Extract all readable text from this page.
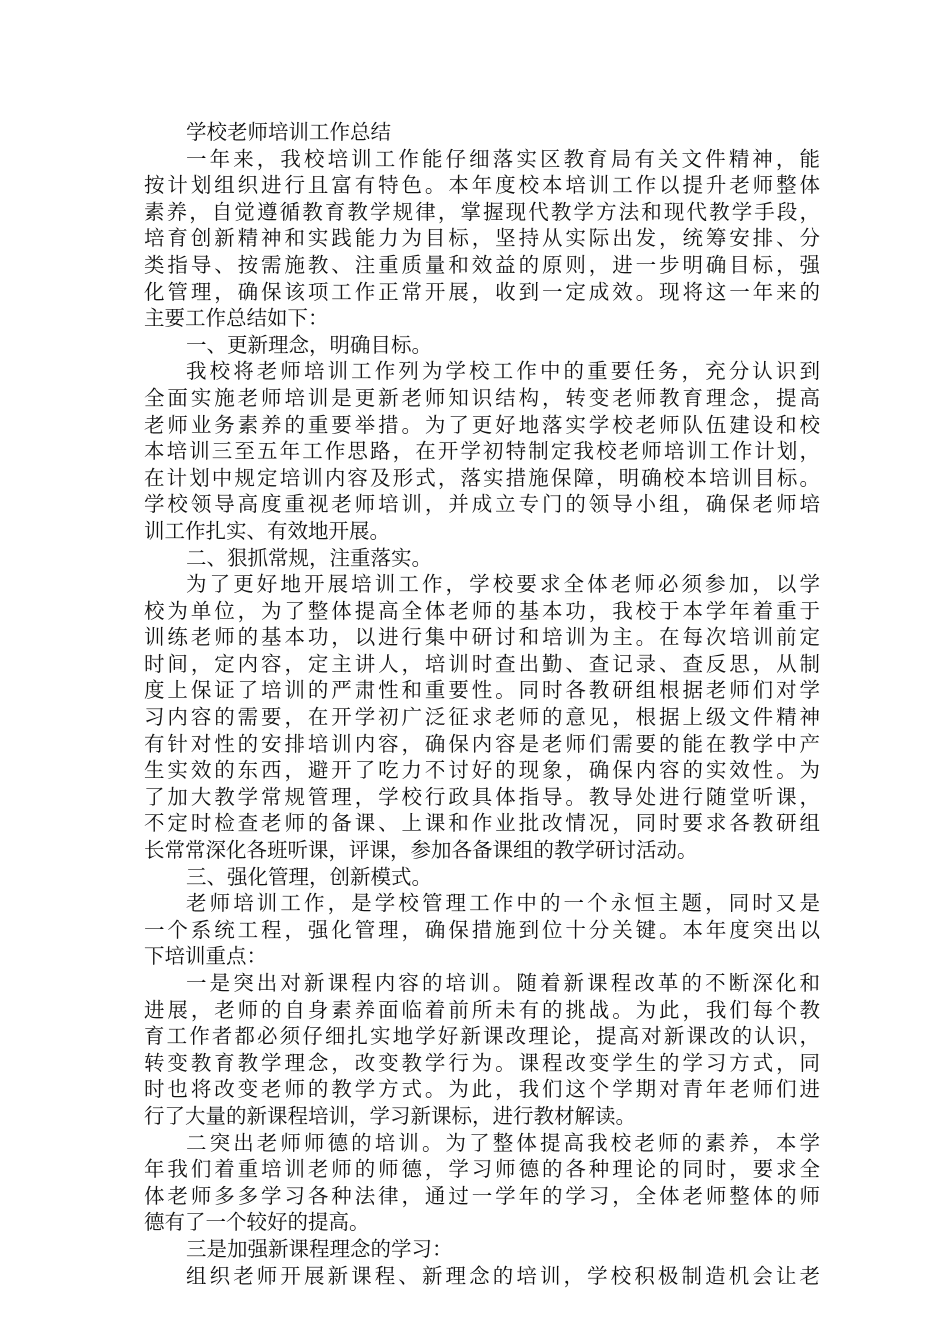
学校老师培训工作总结
一年来，我校培训工作能仔细落实区教育局有关文件精神，能
按计划组织进行且富有特色。本年度校本培训工作以提升老师整体
素养，自觉遵循教育教学规律，掌握现代教学方法和现代教学手段，
培育创新精神和实践能力为目标，坚持从实际出发，统筹安排、分
类指导、按需施教、注重质量和效益的原则，进一步明确目标，强
化管理，确保该项工作正常开展，收到一定成效。现将这一年来的
主要工作总结如下：
一、更新理念，明确目标。
我校将老师培训工作列为学校工作中的重要任务，充分认识到
全面实施老师培训是更新老师知识结构，转变老师教育理念，提高
老师业务素养的重要举措。为了更好地落实学校老师队伍建设和校
本培训三至五年工作思路，在开学初特制定我校老师培训工作计划，
在计划中规定培训内容及形式，落实措施保障，明确校本培训目标。
学校领导高度重视老师培训，并成立专门的领导小组，确保老师培
训工作扎实、有效地开展。
二、狠抓常规，注重落实。
为了更好地开展培训工作，学校要求全体老师必须参加，以学
校为单位，为了整体提高全体老师的基本功，我校于本学年着重于
训练老师的基本功，以进行集中研讨和培训为主。在每次培训前定
时间，定内容，定主讲人，培训时查出勤、查记录、查反思，从制
度上保证了培训的严肃性和重要性。同时各教研组根据老师们对学
习内容的需要，在开学初广泛征求老师的意见，根据上级文件精神
有针对性的安排培训内容，确保内容是老师们需要的能在教学中产
生实效的东西，避开了吃力不讨好的现象，确保内容的实效性。为
了加大教学常规管理，学校行政具体指导。教导处进行随堂听课，
不定时检查老师的备课、上课和作业批改情况，同时要求各教研组
长常常深化各班听课，评课，参加各备课组的教学研讨活动。
三、强化管理，创新模式。
老师培训工作，是学校管理工作中的一个永恒主题，同时又是
一个系统工程，强化管理，确保措施到位十分关键。本年度突出以
下培训重点：
一是突出对新课程内容的培训。随着新课程改革的不断深化和
进展，老师的自身素养面临着前所未有的挑战。为此，我们每个教
育工作者都必须仔细扎实地学好新课改理论，提高对新课改的认识，
转变教育教学理念，改变教学行为。课程改变学生的学习方式，同
时也将改变老师的教学方式。为此，我们这个学期对青年老师们进
行了大量的新课程培训，学习新课标，进行教材解读。
二突出老师师德的培训。为了整体提高我校老师的素养，本学
年我们着重培训老师的师德，学习师德的各种理论的同时，要求全
体老师多多学习各种法律，通过一学年的学习，全体老师整体的师
德有了一个较好的提高。
三是加强新课程理念的学习：
组织老师开展新课程、新理念的培训，学校积极制造机会让老
